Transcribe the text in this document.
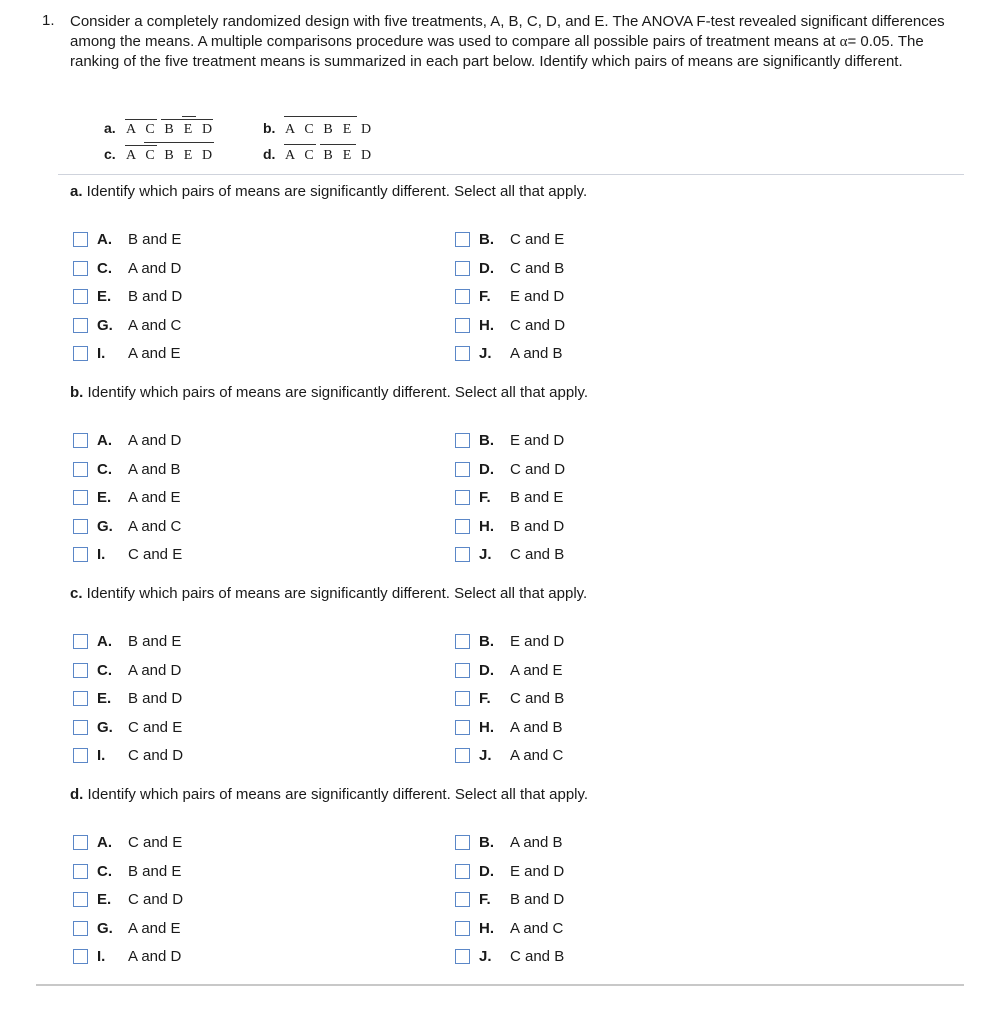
1. Consider a completely randomized design with five treatments, A, B, C, D, and E. The ANOVA F-test revealed significant differences among the means. A multiple comparisons procedure was used to compare all possible pairs of treatment means at α= 0.05. The ranking of the five treatment means is summarized in each part below. Identify which pairs of means are significantly different.
a. A C B E D	b. A C B E D
c. A C B E D	d. A C B E D
a. Identify which pairs of means are significantly different. Select all that apply.
A. B and E	B. C and E
C. A and D	D. C and B
E. B and D	F. E and D
G. A and C	H. C and D
I. A and E	J. A and B
b. Identify which pairs of means are significantly different. Select all that apply.
A. A and D	B. E and D
C. A and B	D. C and D
E. A and E	F. B and E
G. A and C	H. B and D
I. C and E	J. C and B
c. Identify which pairs of means are significantly different. Select all that apply.
A. B and E	B. E and D
C. A and D	D. A and E
E. B and D	F. C and B
G. C and E	H. A and B
I. C and D	J. A and C
d. Identify which pairs of means are significantly different. Select all that apply.
A. C and E	B. A and B
C. B and E	D. E and D
E. C and D	F. B and D
G. A and E	H. A and C
I. A and D	J. C and B
